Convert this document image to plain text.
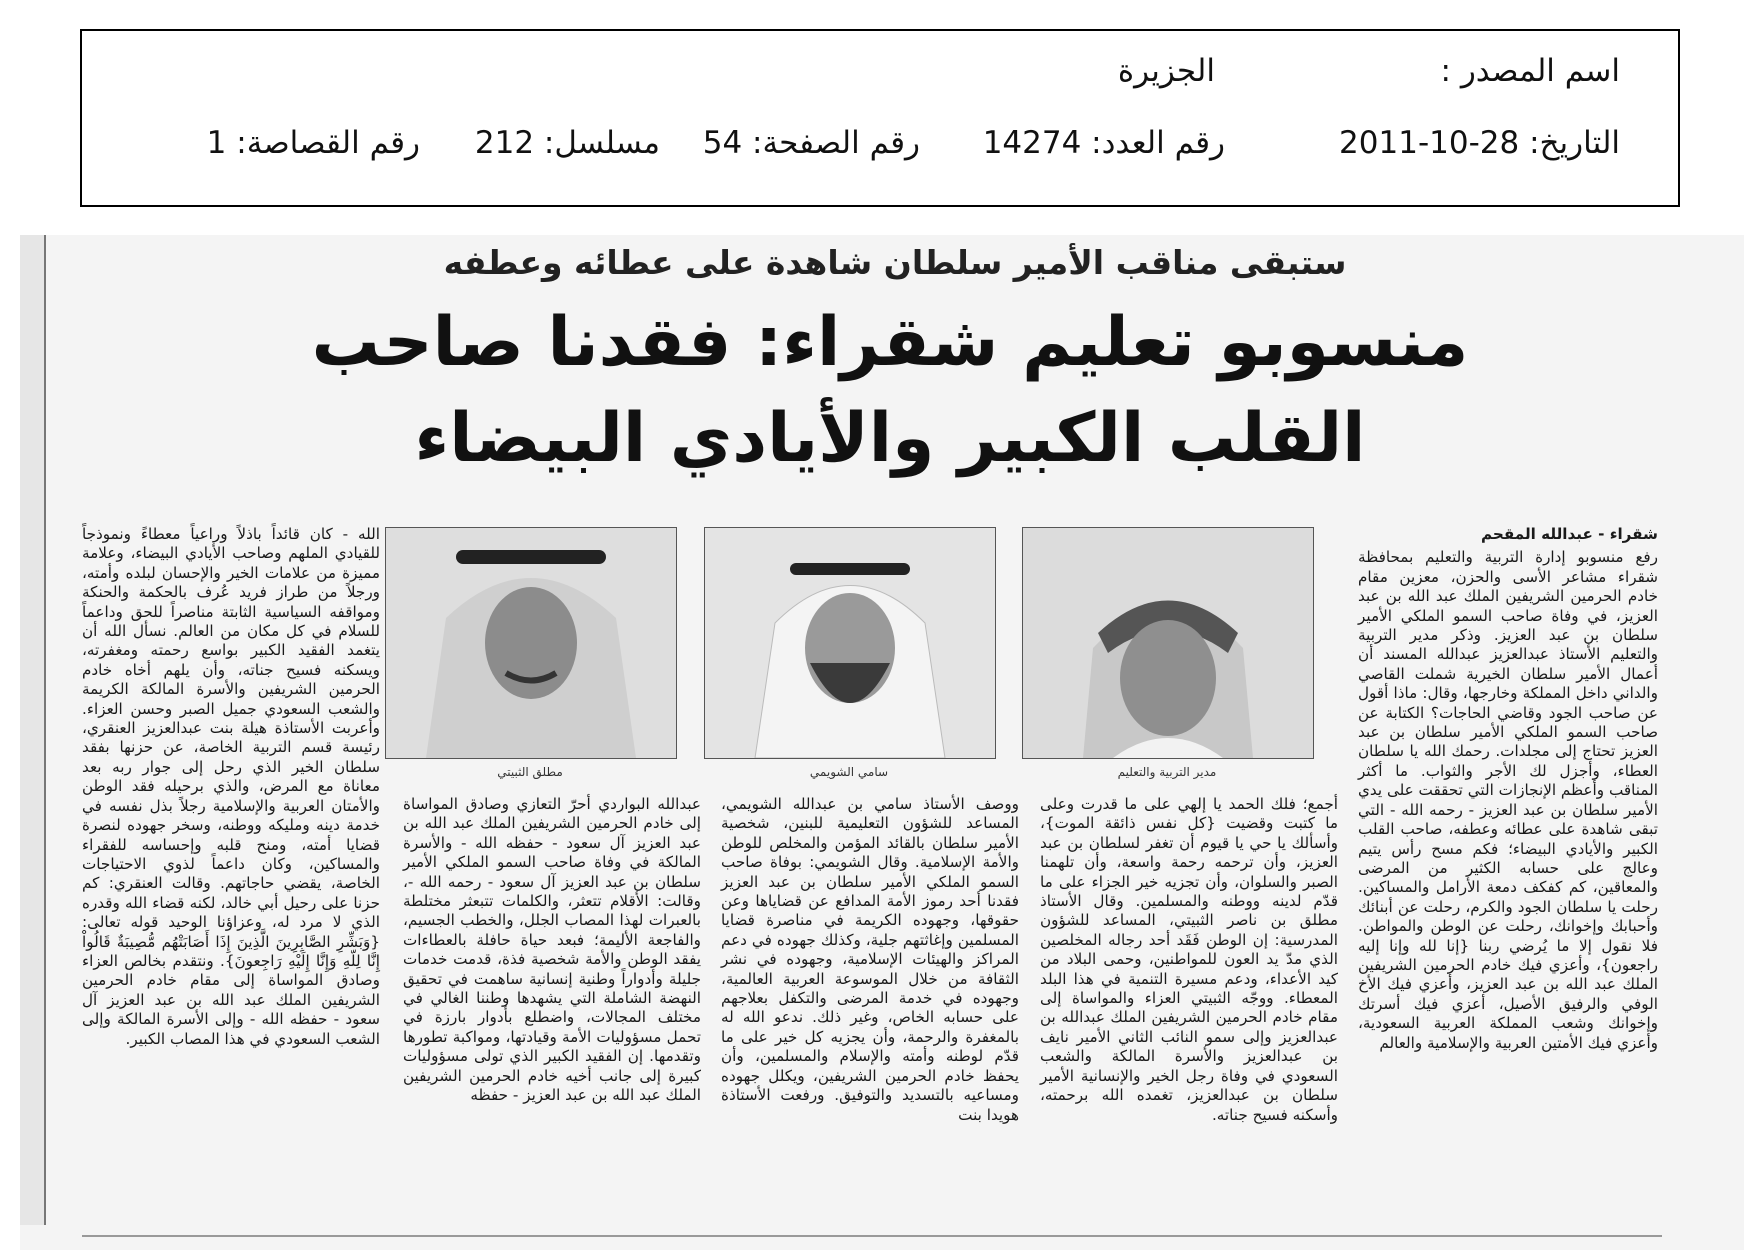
اسم المصدر :
الجزيرة
التاريخ: 28-10-2011
رقم العدد: 14274
رقم الصفحة: 54
مسلسل: 212
رقم القصاصة: 1
ستبقى مناقب الأمير سلطان شاهدة على عطائه وعطفه
منسوبو تعليم شقراء: فقدنا صاحب
القلب الكبير والأيادي البيضاء
مدير التربية والتعليم
سامي الشويمي
مطلق الثبيتي
شقراء - عبدالله المقحم
رفع منسوبو إدارة التربية والتعليم بمحافظة شقراء مشاعر الأسى والحزن، معزين مقام خادم الحرمين الشريفين الملك عبد الله بن عبد العزيز، في وفاة صاحب السمو الملكي الأمير سلطان بن عبد العزيز. وذكر مدير التربية والتعليم الأستاذ عبدالعزيز عبدالله المسند أن أعمال الأمير سلطان الخيرية شملت القاصي والداني داخل المملكة وخارجها، وقال: ماذا أقول عن صاحب الجود وقاضي الحاجات؟ الكتابة عن صاحب السمو الملكي الأمير سلطان بن عبد العزيز تحتاج إلى مجلدات. رحمك الله يا سلطان العطاء، وأجزل لك الأجر والثواب. ما أكثر المناقب وأعظم الإنجازات التي تحققت على يدي الأمير سلطان بن عبد العزيز - رحمه الله - التي تبقى شاهدة على عطائه وعطفه، صاحب القلب الكبير والأيادي البيضاء؛ فكم مسح رأس يتيم وعالج على حسابه الكثير من المرضى والمعاقين، كم كفكف دمعة الأرامل والمساكين. رحلت يا سلطان الجود والكرم، رحلت عن أبنائك وأحبابك وإخوانك، رحلت عن الوطن والمواطن. فلا نقول إلا ما يُرضي ربنا {إنا لله وإنا إليه راجعون}، وأعزي فيك خادم الحرمين الشريفين الملك عبد الله بن عبد العزيز، وأعزي فيك الأخ الوفي والرفيق الأصيل، أعزي فيك أسرتك وإخوانك وشعب المملكة العربية السعودية، وأعزي فيك الأمتين العربية والإسلامية والعالم
أجمع؛ فلك الحمد يا إلهي على ما قدرت وعلى ما كتبت وقضيت {كل نفس ذائقة الموت}، وأسألك يا حي يا قيوم أن تغفر لسلطان بن عبد العزيز، وأن ترحمه رحمة واسعة، وأن تلهمنا الصبر والسلوان، وأن تجزيه خير الجزاء على ما قدّم لدينه ووطنه والمسلمين. وقال الأستاذ مطلق بن ناصر الثبيتي، المساعد للشؤون المدرسية: إن الوطن فَقَد أحد رجاله المخلصين الذي مدّ يد العون للمواطنين، وحمى البلاد من كيد الأعداء، ودعم مسيرة التنمية في هذا البلد المعطاء. ووجّه الثبيتي العزاء والمواساة إلى مقام خادم الحرمين الشريفين الملك عبدالله بن عبدالعزيز وإلى سمو النائب الثاني الأمير نايف بن عبدالعزيز والأسرة المالكة والشعب السعودي في وفاة رجل الخير والإنسانية الأمير سلطان بن عبدالعزيز، تغمده الله برحمته، وأسكنه فسيح جناته.
ووصف الأستاذ سامي بن عبدالله الشويمي، المساعد للشؤون التعليمية للبنين، شخصية الأمير سلطان بالقائد المؤمن والمخلص للوطن والأمة الإسلامية. وقال الشويمي: بوفاة صاحب السمو الملكي الأمير سلطان بن عبد العزيز فقدنا أحد رموز الأمة المدافع عن قضاياها وعن حقوقها، وجهوده الكريمة في مناصرة قضايا المسلمين وإغاثتهم جلية، وكذلك جهوده في دعم المراكز والهيئات الإسلامية، وجهوده في نشر الثقافة من خلال الموسوعة العربية العالمية، وجهوده في خدمة المرضى والتكفل بعلاجهم على حسابه الخاص، وغير ذلك. ندعو الله له بالمغفرة والرحمة، وأن يجزيه كل خير على ما قدّم لوطنه وأمته والإسلام والمسلمين، وأن يحفظ خادم الحرمين الشريفين، ويكلل جهوده ومساعيه بالتسديد والتوفيق. ورفعت الأستاذة هويدا بنت
عبدالله البواردي أحرّ التعازي وصادق المواساة إلى خادم الحرمين الشريفين الملك عبد الله بن عبد العزيز آل سعود - حفظه الله - والأسرة المالكة في وفاة صاحب السمو الملكي الأمير سلطان بن عبد العزيز آل سعود - رحمه الله -، وقالت: الأقلام تتعثر، والكلمات تتبعثر مختلطة بالعبرات لهذا المصاب الجلل، والخطب الجسيم، والفاجعة الأليمة؛ فبعد حياة حافلة بالعطاءات يفقد الوطن والأمة شخصية فذة، قدمت خدمات جليلة وأدواراً وطنية إنسانية ساهمت في تحقيق النهضة الشاملة التي يشهدها وطننا الغالي في مختلف المجالات، واضطلع بأدوار بارزة في تحمل مسؤوليات الأمة وقيادتها، ومواكبة تطورها وتقدمها. إن الفقيد الكبير الذي تولى مسؤوليات كبيرة إلى جانب أخيه خادم الحرمين الشريفين الملك عبد الله بن عبد العزيز - حفظه
الله - كان قائداً باذلاً وراعياً معطاءً ونموذجاً للقيادي الملهم وصاحب الأيادي البيضاء، وعلامة مميزة من علامات الخير والإحسان لبلده وأمته، ورجلاً من طراز فريد عُرف بالحكمة والحنكة ومواقفه السياسية الثابتة مناصراً للحق وداعماً للسلام في كل مكان من العالم. نسأل الله أن يتغمد الفقيد الكبير بواسع رحمته ومغفرته، ويسكنه فسيح جناته، وأن يلهم أخاه خادم الحرمين الشريفين والأسرة المالكة الكريمة والشعب السعودي جميل الصبر وحسن العزاء. وأعربت الأستاذة هيلة بنت عبدالعزيز العنقري، رئيسة قسم التربية الخاصة، عن حزنها بفقد سلطان الخير الذي رحل إلى جوار ربه بعد معاناة مع المرض، والذي برحيله فقد الوطن والأمتان العربية والإسلامية رجلاً بذل نفسه في خدمة دينه ومليكه ووطنه، وسخر جهوده لنصرة قضايا أمته، ومنح قلبه وإحساسه للفقراء والمساكين، وكان داعماً لذوي الاحتياجات الخاصة، يقضي حاجاتهم. وقالت العنقري: كم حزنا على رحيل أبي خالد، لكنه قضاء الله وقدره الذي لا مرد له، وعزاؤنا الوحيد قوله تعالى: {وَبَشِّرِ الصَّابِرِينَ الَّذِينَ إِذَا أَصَابَتْهُم مُّصِيبَةٌ قَالُواْ إِنَّا لِلّهِ وَإِنَّا إِلَيْهِ رَاجِعونَ}. ونتقدم بخالص العزاء وصادق المواساة إلى مقام خادم الحرمين الشريفين الملك عبد الله بن عبد العزيز آل سعود - حفظه الله - وإلى الأسرة المالكة وإلى الشعب السعودي في هذا المصاب الكبير.
